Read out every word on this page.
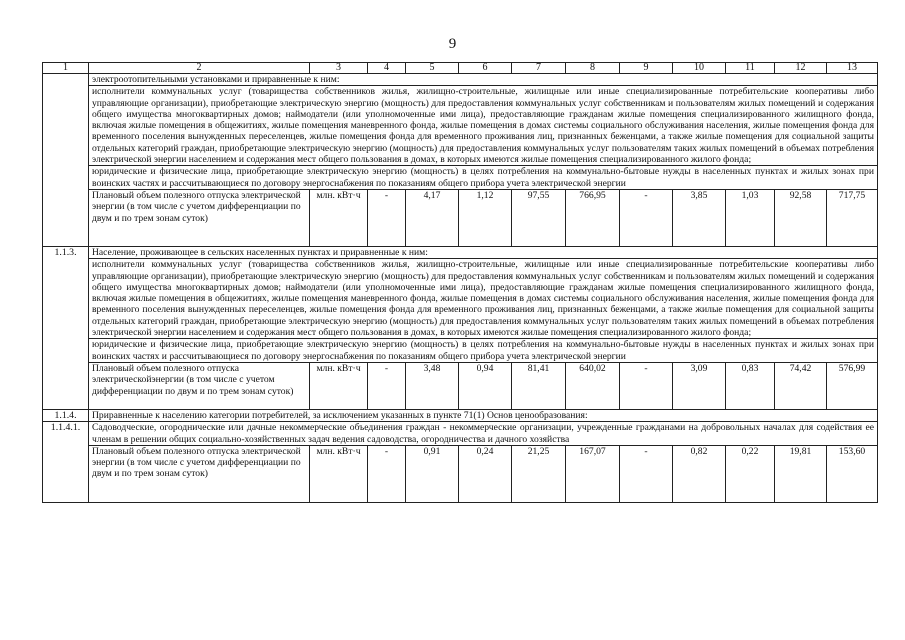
9
1	2	3	4	5	6	7	8	9	10	11	12	13
	электроотопительными установками и приравненные к ним:											
	исполнители коммунальных услуг (товарищества собственников жилья, жилищно-строительные, жилищные или иные специализированные потребительские кооперативы либо управляющие организации), приобретающие электрическую энергию (мощность) для предоставления коммунальных услуг собственникам и пользователям жилых помещений и содержания общего имущества многоквартирных домов; наймодатели (или уполномоченные ими лица), предоставляющие гражданам жилые помещения специализированного жилищного фонда, включая жилые помещения в общежитиях, жилые помещения маневренного фонда, жилые помещения в домах системы социального обслуживания населения, жилые помещения фонда для временного поселения вынужденных переселенцев, жилые помещения фонда для временного проживания лиц, признанных беженцами, а также жилые помещения для социальной защиты отдельных категорий граждан, приобретающие электрическую энергию (мощность) для предоставления коммунальных услуг пользователям таких жилых помещений в объемах потребления электрической энергии населением и содержания мест общего пользования в домах, в которых имеются жилые помещения специализированного жилого фонда;											
	юридические и физические лица, приобретающие электрическую энергию (мощность) в целях потребления на коммунально-бытовые нужды в населенных пунктах и жилых зонах при воинских частях и рассчитывающиеся по договору энергоснабжения по показаниям общего прибора учета электрической энергии											
	Плановый объем полезного отпуска электрической энергии (в том числе с учетом дифференциации по двум и по трем зонам суток)	млн. кВт·ч	-	4,17	1,12	97,55	766,95	-	3,85	1,03	92,58	717,75
1.1.3.	Население, проживающее в сельских населенных пунктах и приравненные к ним:											
	исполнители коммунальных услуг (товарищества собственников жилья, жилищно-строительные, жилищные или иные специализированные потребительские кооперативы либо управляющие организации), приобретающие электрическую энергию (мощность) для предоставления коммунальных услуг собственникам и пользователям жилых помещений и содержания общего имущества многоквартирных домов; наймодатели (или уполномоченные ими лица), предоставляющие гражданам жилые помещения специализированного жилищного фонда, включая жилые помещения в общежитиях, жилые помещения маневренного фонда, жилые помещения в домах системы социального обслуживания населения, жилые помещения фонда для временного поселения вынужденных переселенцев, жилые помещения фонда для временного проживания лиц, признанных беженцами, а также жилые помещения для социальной защиты отдельных категорий граждан, приобретающие электрическую энергию (мощность) для предоставления коммунальных услуг пользователям таких жилых помещений в объемах потребления электрической энергии населением и содержания мест общего пользования в домах, в которых имеются жилые помещения специализированного жилого фонда;											
	юридические и физические лица, приобретающие электрическую энергию (мощность) в целях потребления на коммунально-бытовые нужды в населенных пунктах и жилых зонах при воинских частях и рассчитывающиеся по договору энергоснабжения по показаниям общего прибора учета электрической энергии											
	Плановый объем полезного отпуска электрическойэнергии (в том числе с учетом дифференциации по двум и по трем зонам суток)	млн. кВт·ч	-	3,48	0,94	81,41	640,02	-	3,09	0,83	74,42	576,99
1.1.4.	Приравненные к населению категории потребителей, за исключением указанных в пункте 71(1) Основ ценообразования:											
1.1.4.1.	Садоводческие, огороднические или дачные некоммерческие объединения граждан - некоммерческие организации, учрежденные гражданами на добровольных началах для содействия ее членам в решении общих социально-хозяйственных задач ведения садоводства, огородничества и дачного хозяйства											
	Плановый объем полезного отпуска электрической энергии (в том числе с учетом дифференциации по двум и по трем зонам суток)	млн. кВт·ч	-	0,91	0,24	21,25	167,07	-	0,82	0,22	19,81	153,60
